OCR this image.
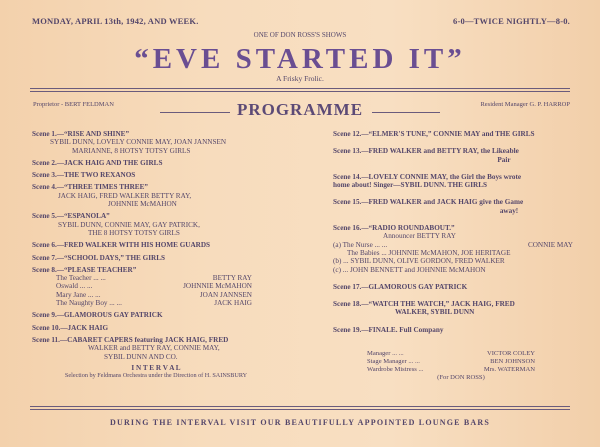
MONDAY, APRIL 13th, 1942, AND WEEK.	6-0—TWICE NIGHTLY—8-0.
ONE OF DON ROSS'S SHOWS
“EVE STARTED IT”
A Frisky Frolic.
Proprietor - BERT FELDMAN	PROGRAMME	Resident Manager G. P. HARROP

Scene 1.—“RISE AND SHINE”

SYBIL DUNN, LOVELY CONNIE MAY, JOAN JANNSEN

MARIANNE, 8 HOTSY TOTSY GIRLS

Scene 2.—JACK HAIG AND THE GIRLS

Scene 3.—THE TWO REXANOS

Scene 4.—“THREE TIMES THREE”

JACK HAIG, FRED WALKER BETTY RAY,

JOHNNIE McMAHON

Scene 5.—“ESPANOLA”

SYBIL DUNN, CONNIE MAY, GAY PATRICK,

THE 8 HOTSY TOTSY GIRLS

Scene 6.—FRED WALKER WITH HIS HOME GUARDS

Scene 7.—“SCHOOL DAYS,” THE GIRLS

Scene 8.—“PLEASE TEACHER”

The Teacher ... ...	BETTY RAY
Oswald ... ...	JOHNNIE McMAHON
Mary Jane ... ...	JOAN JANNSEN
The Naughty Boy ... ...	JACK HAIG

Scene 9.—GLAMOROUS GAY PATRICK

Scene 10.—JACK HAIG

Scene 11.—CABARET CAPERS featuring JACK HAIG, FRED

WALKER and BETTY RAY, CONNIE MAY,

SYBIL DUNN AND CO.

I N T E R V A L

Selection by Feldmans Orchestra under the Direction of H. SAINSBURY

Scene 12.—“ELMER'S TUNE,” CONNIE MAY and THE GIRLS

Scene 13.—FRED WALKER and BETTY RAY, the Likeable

Pair

Scene 14.—LOVELY CONNIE MAY, the Girl the Boys wrote

home about! Singer—SYBIL DUNN. THE GIRLS

Scene 15.—FRED WALKER and JACK HAIG give the Game

away!

Scene 16.—“RADIO ROUNDABOUT.”

Announcer BETTY RAY

(a) The Nurse ... ...	CONNIE MAY

The Babies ... JOHNNIE McMAHON, JOE HERITAGE

(b) ... SYBIL DUNN, OLIVE GORDON, FRED WALKER

(c) ... JOHN BENNETT and JOHNNIE McMAHON

Scene 17.—GLAMOROUS GAY PATRICK

Scene 18.—“WATCH THE WATCH,” JACK HAIG, FRED

WALKER, SYBIL DUNN

Scene 19.—FINALE. Full Company

Manager ... ...	VICTOR COLEY
Stage Manager ... ...	BEN JOHNSON
Wardrobe Mistress ...	Mrs. WATERMAN
(For DON ROSS)
DURING THE INTERVAL VISIT OUR BEAUTIFULLY APPOINTED LOUNGE BARS
